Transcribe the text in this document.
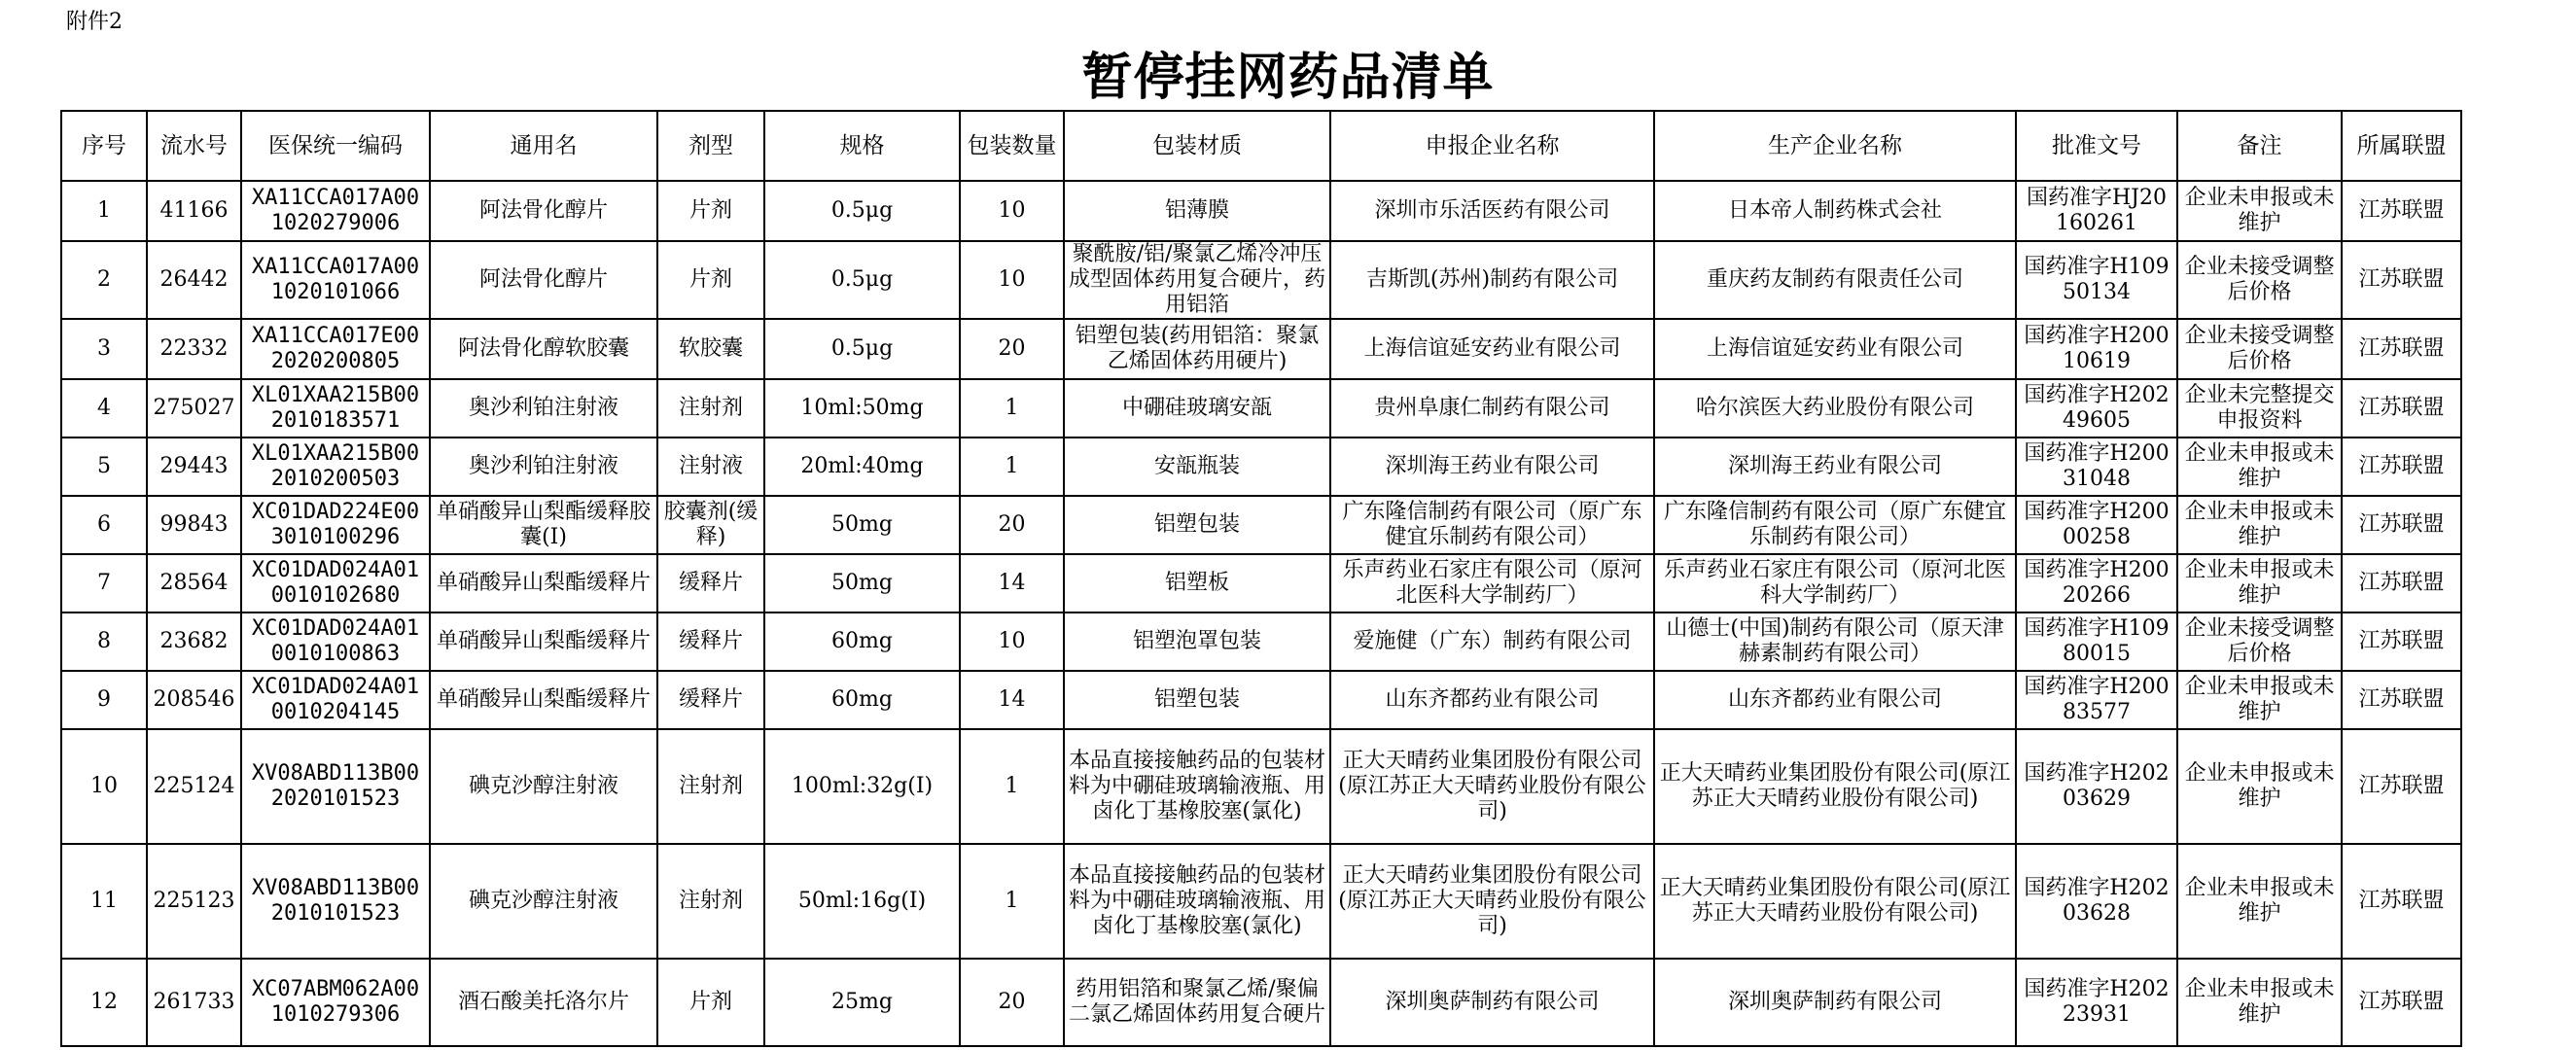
附件2
暂停挂网药品清单
序号	流水号	医保统一编码	通用名	剂型	规格	包装数量	包装材质	申报企业名称	生产企业名称	批准文号	备注	所属联盟
1	41166	XA11CCA017A001020279006	阿法骨化醇片	片剂	0.5μg	10	铝薄膜	深圳市乐活医药有限公司	日本帝人制药株式会社	国药准字HJ20160261	企业未申报或未维护	江苏联盟
2	26442	XA11CCA017A001020101066	阿法骨化醇片	片剂	0.5μg	10	聚酰胺/铝/聚氯乙烯冷冲压成型固体药用复合硬片，药用铝箔	吉斯凯(苏州)制药有限公司	重庆药友制药有限责任公司	国药准字H10950134	企业未接受调整后价格	江苏联盟
3	22332	XA11CCA017E002020200805	阿法骨化醇软胶囊	软胶囊	0.5μg	20	铝塑包装(药用铝箔：聚氯乙烯固体药用硬片)	上海信谊延安药业有限公司	上海信谊延安药业有限公司	国药准字H20010619	企业未接受调整后价格	江苏联盟
4	275027	XL01XAA215B002010183571	奥沙利铂注射液	注射剂	10ml:50mg	1	中硼硅玻璃安瓿	贵州阜康仁制药有限公司	哈尔滨医大药业股份有限公司	国药准字H20249605	企业未完整提交申报资料	江苏联盟
5	29443	XL01XAA215B002010200503	奥沙利铂注射液	注射液	20ml:40mg	1	安瓿瓶装	深圳海王药业有限公司	深圳海王药业有限公司	国药准字H20031048	企业未申报或未维护	江苏联盟
6	99843	XC01DAD224E003010100296	单硝酸异山梨酯缓释胶囊(Ⅰ)	胶囊剂(缓释)	50mg	20	铝塑包装	广东隆信制药有限公司（原广东健宜乐制药有限公司）	广东隆信制药有限公司（原广东健宜乐制药有限公司）	国药准字H20000258	企业未申报或未维护	江苏联盟
7	28564	XC01DAD024A010010102680	单硝酸异山梨酯缓释片	缓释片	50mg	14	铝塑板	乐声药业石家庄有限公司（原河北医科大学制药厂）	乐声药业石家庄有限公司（原河北医科大学制药厂）	国药准字H20020266	企业未申报或未维护	江苏联盟
8	23682	XC01DAD024A010010100863	单硝酸异山梨酯缓释片	缓释片	60mg	10	铝塑泡罩包装	爱施健（广东）制药有限公司	山德士(中国)制药有限公司（原天津赫素制药有限公司）	国药准字H10980015	企业未接受调整后价格	江苏联盟
9	208546	XC01DAD024A010010204145	单硝酸异山梨酯缓释片	缓释片	60mg	14	铝塑包装	山东齐都药业有限公司	山东齐都药业有限公司	国药准字H20083577	企业未申报或未维护	江苏联盟
10	225124	XV08ABD113B002020101523	碘克沙醇注射液	注射剂	100ml:32g(I)	1	本品直接接触药品的包装材料为中硼硅玻璃输液瓶、用卤化丁基橡胶塞(氯化)	正大天晴药业集团股份有限公司(原江苏正大天晴药业股份有限公司)	正大天晴药业集团股份有限公司(原江苏正大天晴药业股份有限公司)	国药准字H20203629	企业未申报或未维护	江苏联盟
11	225123	XV08ABD113B002010101523	碘克沙醇注射液	注射剂	50ml:16g(I)	1	本品直接接触药品的包装材料为中硼硅玻璃输液瓶、用卤化丁基橡胶塞(氯化)	正大天晴药业集团股份有限公司(原江苏正大天晴药业股份有限公司)	正大天晴药业集团股份有限公司(原江苏正大天晴药业股份有限公司)	国药准字H20203628	企业未申报或未维护	江苏联盟
12	261733	XC07ABM062A001010279306	酒石酸美托洛尔片	片剂	25mg	20	药用铝箔和聚氯乙烯/聚偏二氯乙烯固体药用复合硬片	深圳奥萨制药有限公司	深圳奥萨制药有限公司	国药准字H20223931	企业未申报或未维护	江苏联盟
